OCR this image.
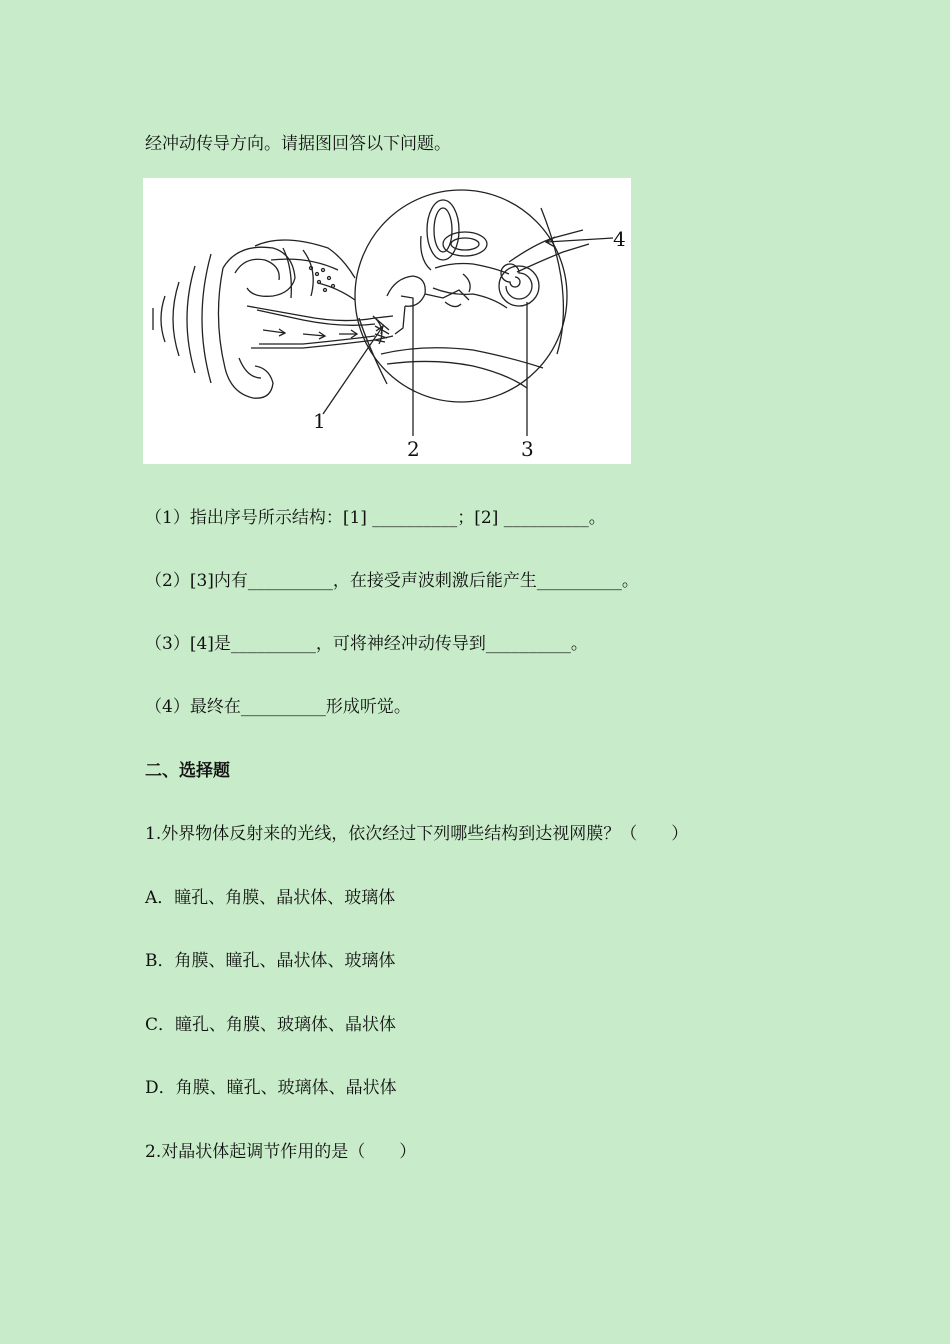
经冲动传导方向。请据图回答以下问题。
1
2	3
4
（1）指出序号所示结构：[1] __________；[2] __________。
（2）[3]内有__________，在接受声波刺激后能产生__________。
（3）[4]是__________，可将神经冲动传导到__________。
（4）最终在__________形成听觉。
二、选择题
1.外界物体反射来的光线，依次经过下列哪些结构到达视网膜？（　　）
A．瞳孔、角膜、晶状体、玻璃体
B．角膜、瞳孔、晶状体、玻璃体
C．瞳孔、角膜、玻璃体、晶状体
D．角膜、瞳孔、玻璃体、晶状体
2.对晶状体起调节作用的是（　　）
